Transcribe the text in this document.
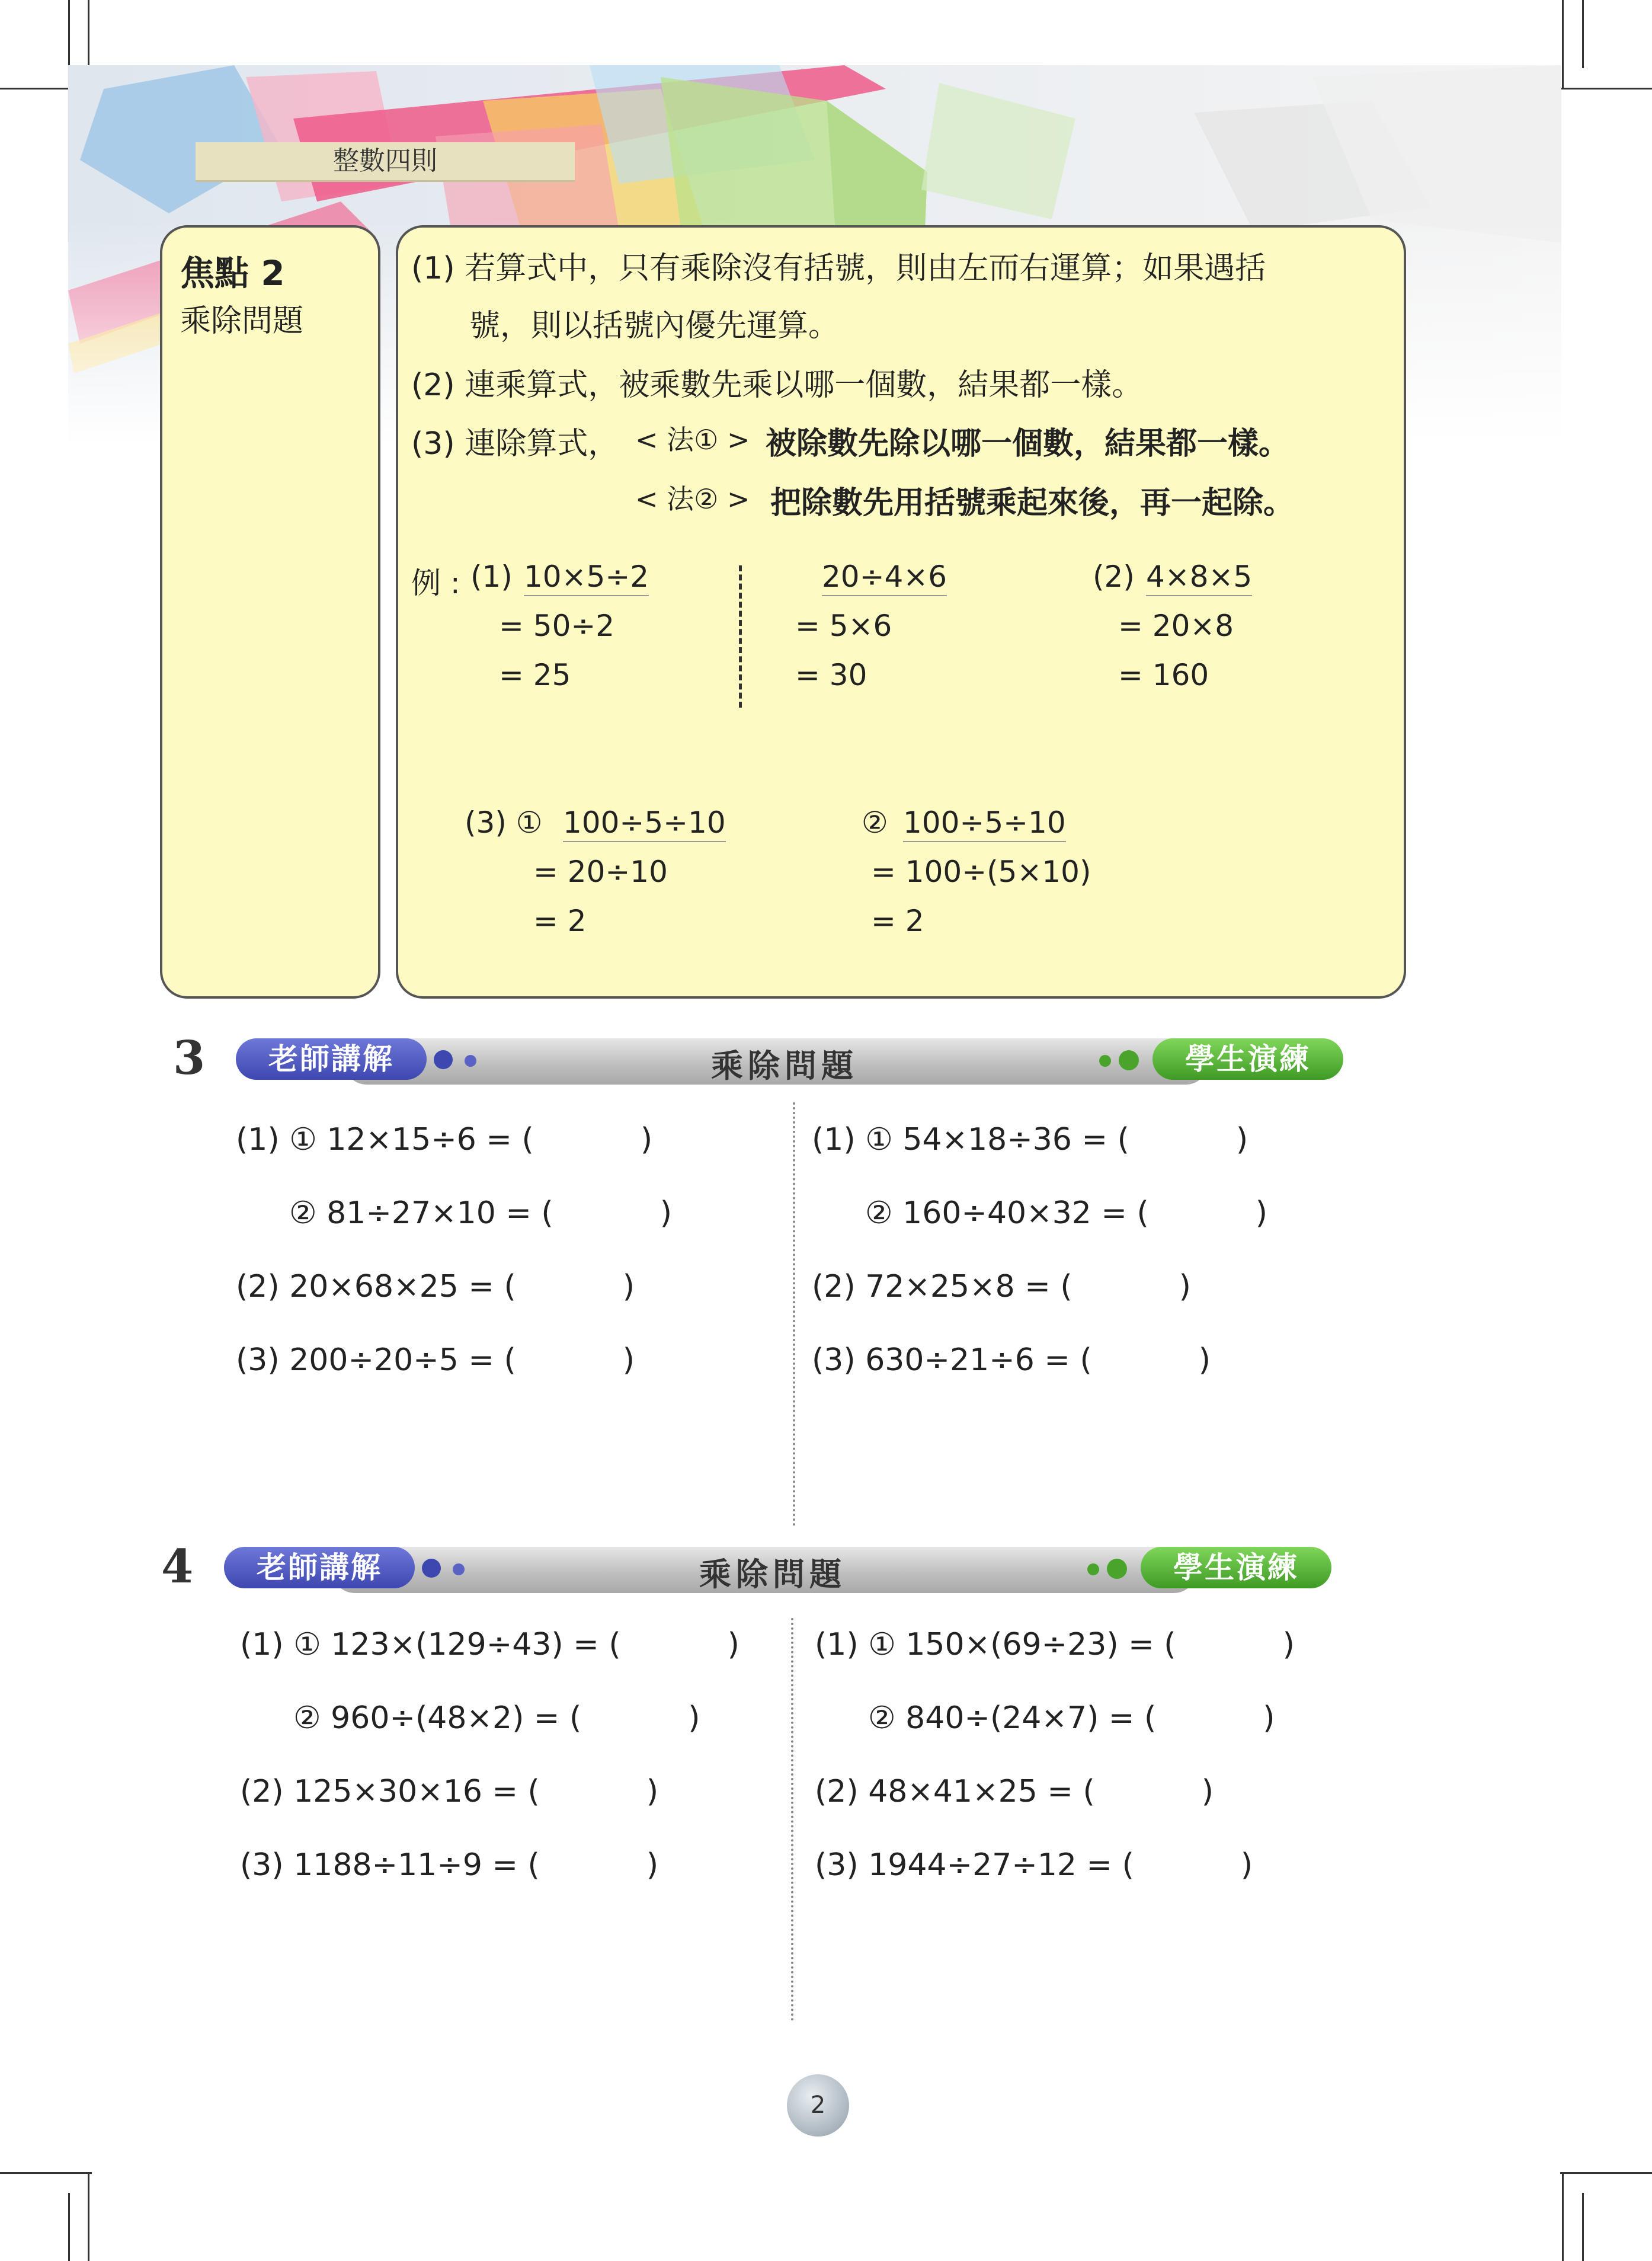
整數四則
焦點 2
乘除問題
(1) 若算式中，只有乘除沒有括號，則由左而右運算；如果遇括
號，則以括號內優先運算。
(2) 連乘算式，被乘數先乘以哪一個數，結果都一樣。
(3) 連除算式， < 法① > 被除數先除以哪一個數，結果都一樣。
< 法② > 把除數先用括號乘起來後，再一起除。
例 : (1) 10×5÷2
= 50÷2
= 25
20÷4×6
= 5×6
= 30
(2) 4×8×5
= 20×8
= 160
(3) ① 100÷5÷10
= 20÷10
= 2
② 100÷5÷10
= 100÷(5×10)
= 2
3	老師講解	乘除問題	學生演練
(1) ① 12×15÷6 = (	)
② 81÷27×10 = (	)
(2) 20×68×25 = (	)
(3) 200÷20÷5 = (	)
(1) ① 54×18÷36 = (	)
② 160÷40×32 = (	)
(2) 72×25×8 = (	)
(3) 630÷21÷6 = (	)
4	老師講解	乘除問題	學生演練
(1) ① 123×(129÷43) = (	)
② 960÷(48×2) = (	)
(2) 125×30×16 = (	)
(3) 1188÷11÷9 = (	)
(1) ① 150×(69÷23) = (	)
② 840÷(24×7) = (	)
(2) 48×41×25 = (	)
(3) 1944÷27÷12 = (	)
2
